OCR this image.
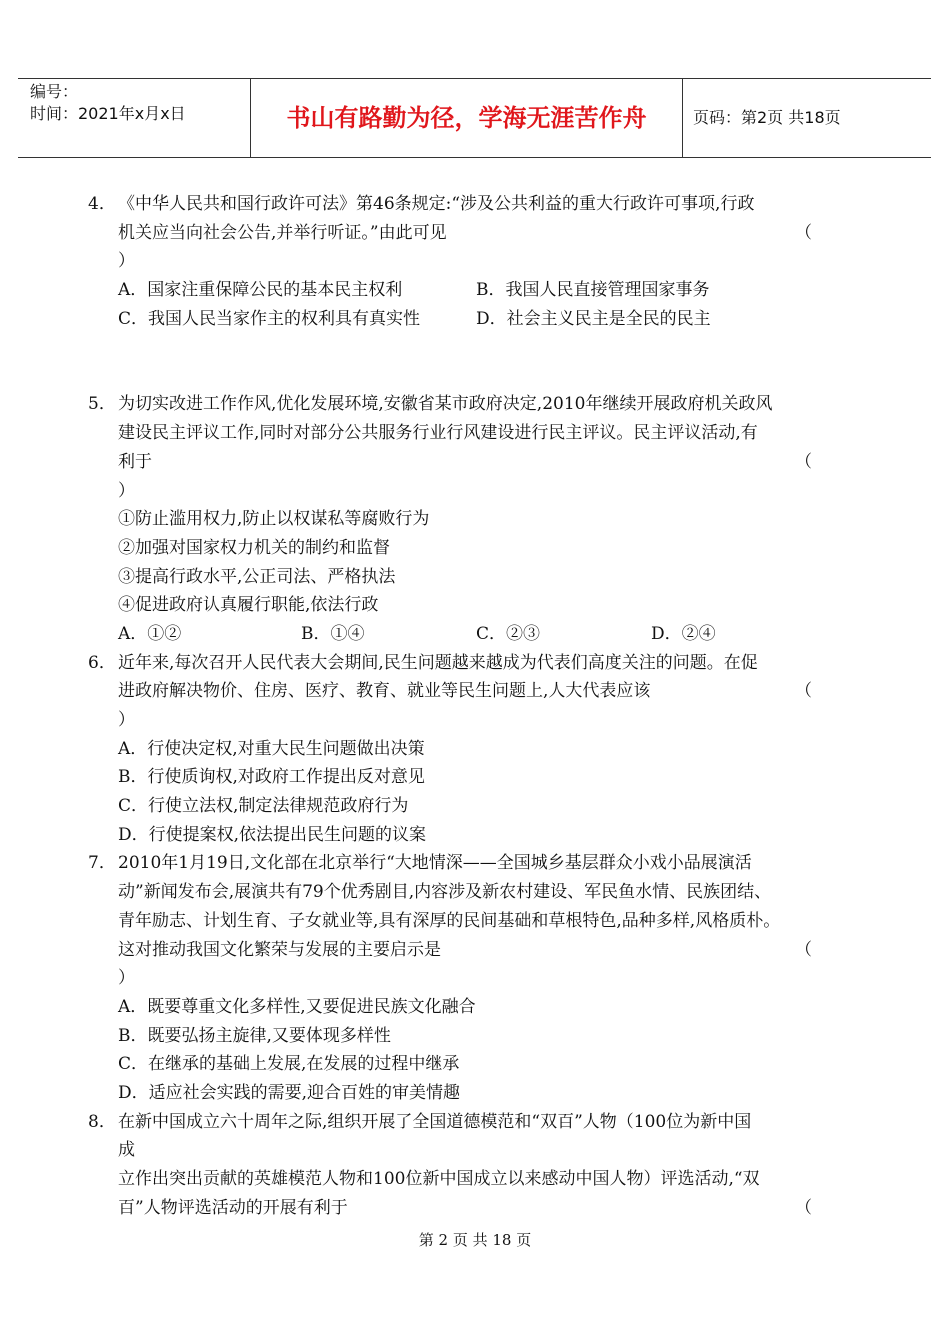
编号：
时间：2021年x月x日	书山有路勤为径，学海无涯苦作舟	页码：第2页 共18页
4． 《中华人民共和国行政许可法》第46条规定:“涉及公共利益的重大行政许可事项,行政
机关应当向社会公告,并举行听证。”由此可见	（
）
A．国家注重保障公民的基本民主权利	B．我国人民直接管理国家事务
C．我国人民当家作主的权利具有真实性	D．社会主义民主是全民的民主
5． 为切实改进工作作风,优化发展环境,安徽省某市政府决定,2010年继续开展政府机关政风
建设民主评议工作,同时对部分公共服务行业行风建设进行民主评议。民主评议活动,有
利于	（
）
①防止滥用权力,防止以权谋私等腐败行为
②加强对国家权力机关的制约和监督
③提高行政水平,公正司法、严格执法
④促进政府认真履行职能,依法行政
A．①②	B．①④	C．②③	D．②④
6． 近年来,每次召开人民代表大会期间,民生问题越来越成为代表们高度关注的问题。在促
进政府解决物价、住房、医疗、教育、就业等民生问题上,人大代表应该	（
）
A．行使决定权,对重大民生问题做出决策
B．行使质询权,对政府工作提出反对意见
C．行使立法权,制定法律规范政府行为
D．行使提案权,依法提出民生问题的议案
7． 2010年1月19日,文化部在北京举行“大地情深——全国城乡基层群众小戏小品展演活
动”新闻发布会,展演共有79个优秀剧目,内容涉及新农村建设、军民鱼水情、民族团结、
青年励志、计划生育、子女就业等,具有深厚的民间基础和草根特色,品种多样,风格质朴。
这对推动我国文化繁荣与发展的主要启示是	（
）
A．既要尊重文化多样性,又要促进民族文化融合
B．既要弘扬主旋律,又要体现多样性
C．在继承的基础上发展,在发展的过程中继承
D．适应社会实践的需要,迎合百姓的审美情趣
8． 在新中国成立六十周年之际,组织开展了全国道德模范和“双百”人物（100位为新中国
成
立作出突出贡献的英雄模范人物和100位新中国成立以来感动中国人物）评选活动,“双
百”人物评选活动的开展有利于	（
第 2 页 共 18 页
